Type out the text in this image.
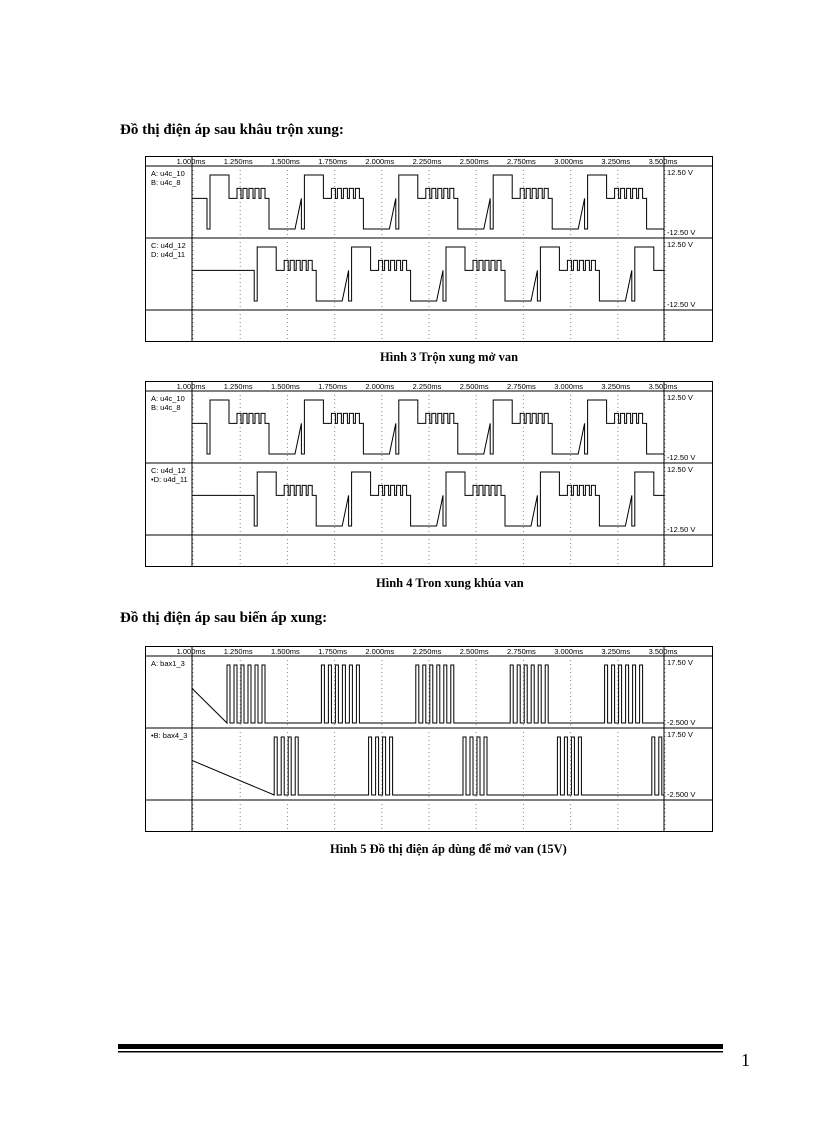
Đồ thị điện áp sau khâu trộn xung:
1.000ms 1.250ms 1.500ms 1.750ms 2.000ms 2.250ms 2.500ms 2.750ms 3.000ms 3.250ms 3.500ms
A: u4c_10
B: u4c_8
12.50 V
-12.50 V
C: u4d_12
D: u4d_11
12.50 V
-12.50 V
Hình 3 Trộn xung mở van
1.000ms 1.250ms 1.500ms 1.750ms 2.000ms 2.250ms 2.500ms 2.750ms 3.000ms 3.250ms 3.500ms
A: u4c_10
B: u4c_8
12.50 V
-12.50 V
C: u4d_12
•D: u4d_11
12.50 V
-12.50 V
Hình 4 Tron xung khúa van
Đồ thị điện áp sau biến áp xung:
1.000ms 1.250ms 1.500ms 1.750ms 2.000ms 2.250ms 2.500ms 2.750ms 3.000ms 3.250ms 3.500ms
A: bax1_3	17.50 V
-2.500 V
•B: bax4_3	17.50 V
-2.500 V
Hình 5 Đồ thị điện áp dùng để mở van (15V)
1
